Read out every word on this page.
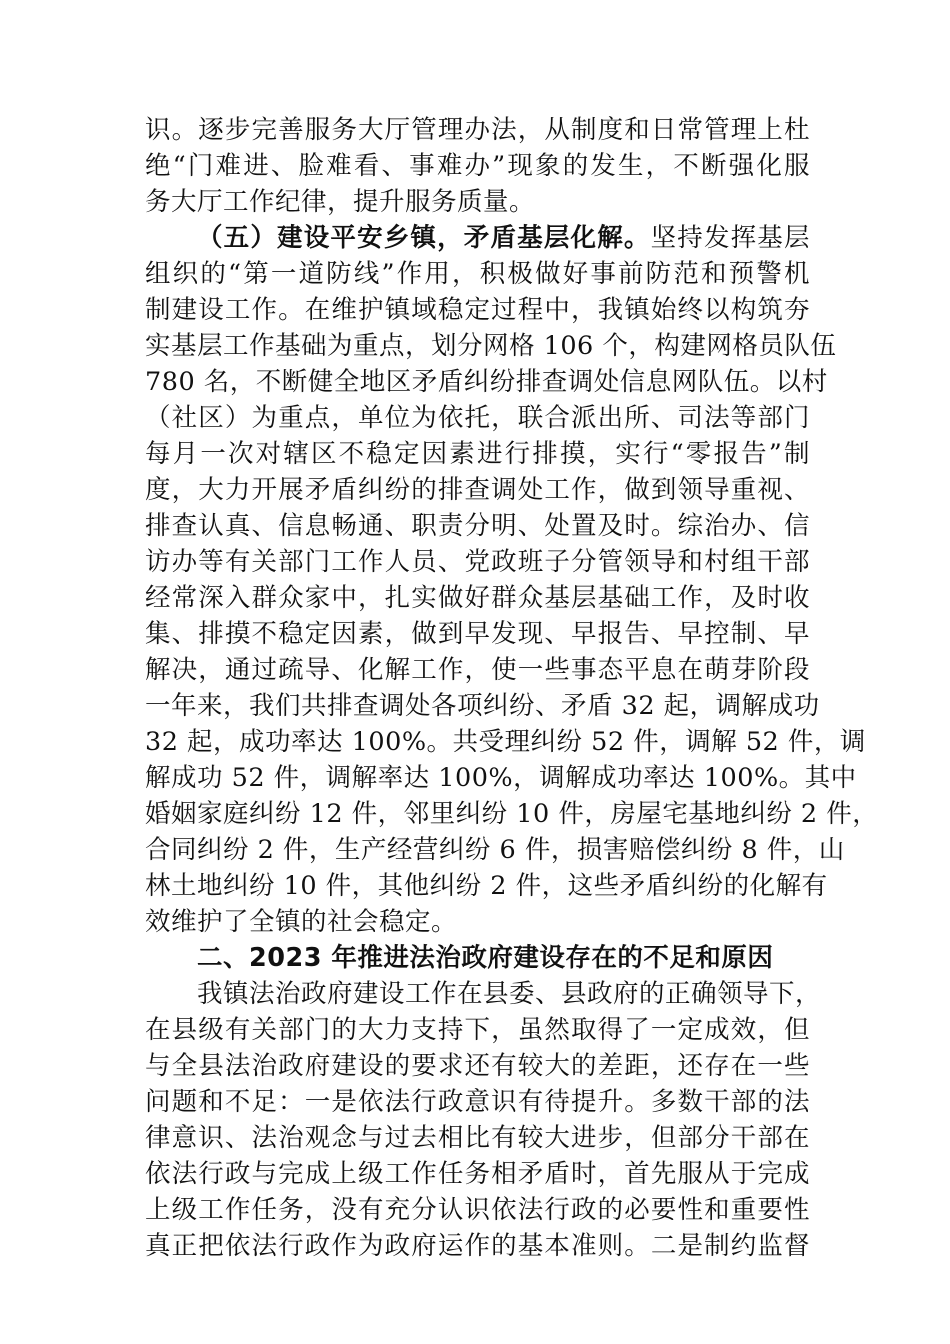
识。逐步完善服务大厅管理办法，从制度和日常管理上杜
绝“门难进、脸难看、事难办”现象的发生，不断强化服
务大厅工作纪律，提升服务质量。
（五）建设平安乡镇，矛盾基层化解。坚持发挥基层
组织的“第一道防线”作用，积极做好事前防范和预警机
制建设工作。在维护镇域稳定过程中，我镇始终以构筑夯
实基层工作基础为重点，划分网格 106 个，构建网格员队伍
780 名，不断健全地区矛盾纠纷排查调处信息网队伍。以村
（社区）为重点，单位为依托，联合派出所、司法等部门
每月一次对辖区不稳定因素进行排摸，实行“零报告”制
度，大力开展矛盾纠纷的排查调处工作，做到领导重视、
排查认真、信息畅通、职责分明、处置及时。综治办、信
访办等有关部门工作人员、党政班子分管领导和村组干部
经常深入群众家中，扎实做好群众基层基础工作，及时收
集、排摸不稳定因素，做到早发现、早报告、早控制、早
解决，通过疏导、化解工作，使一些事态平息在萌芽阶段
一年来，我们共排查调处各项纠纷、矛盾 32 起，调解成功
32 起，成功率达 100%。共受理纠纷 52 件，调解 52 件，调
解成功 52 件，调解率达 100%，调解成功率达 100%。其中
婚姻家庭纠纷 12 件，邻里纠纷 10 件，房屋宅基地纠纷 2 件，
合同纠纷 2 件，生产经营纠纷 6 件，损害赔偿纠纷 8 件，山
林土地纠纷 10 件，其他纠纷 2 件，这些矛盾纠纷的化解有
效维护了全镇的社会稳定。
二、2023 年推进法治政府建设存在的不足和原因
我镇法治政府建设工作在县委、县政府的正确领导下，
在县级有关部门的大力支持下，虽然取得了一定成效，但
与全县法治政府建设的要求还有较大的差距，还存在一些
问题和不足：一是依法行政意识有待提升。多数干部的法
律意识、法治观念与过去相比有较大进步，但部分干部在
依法行政与完成上级工作任务相矛盾时，首先服从于完成
上级工作任务，没有充分认识依法行政的必要性和重要性
真正把依法行政作为政府运作的基本准则。二是制约监督
